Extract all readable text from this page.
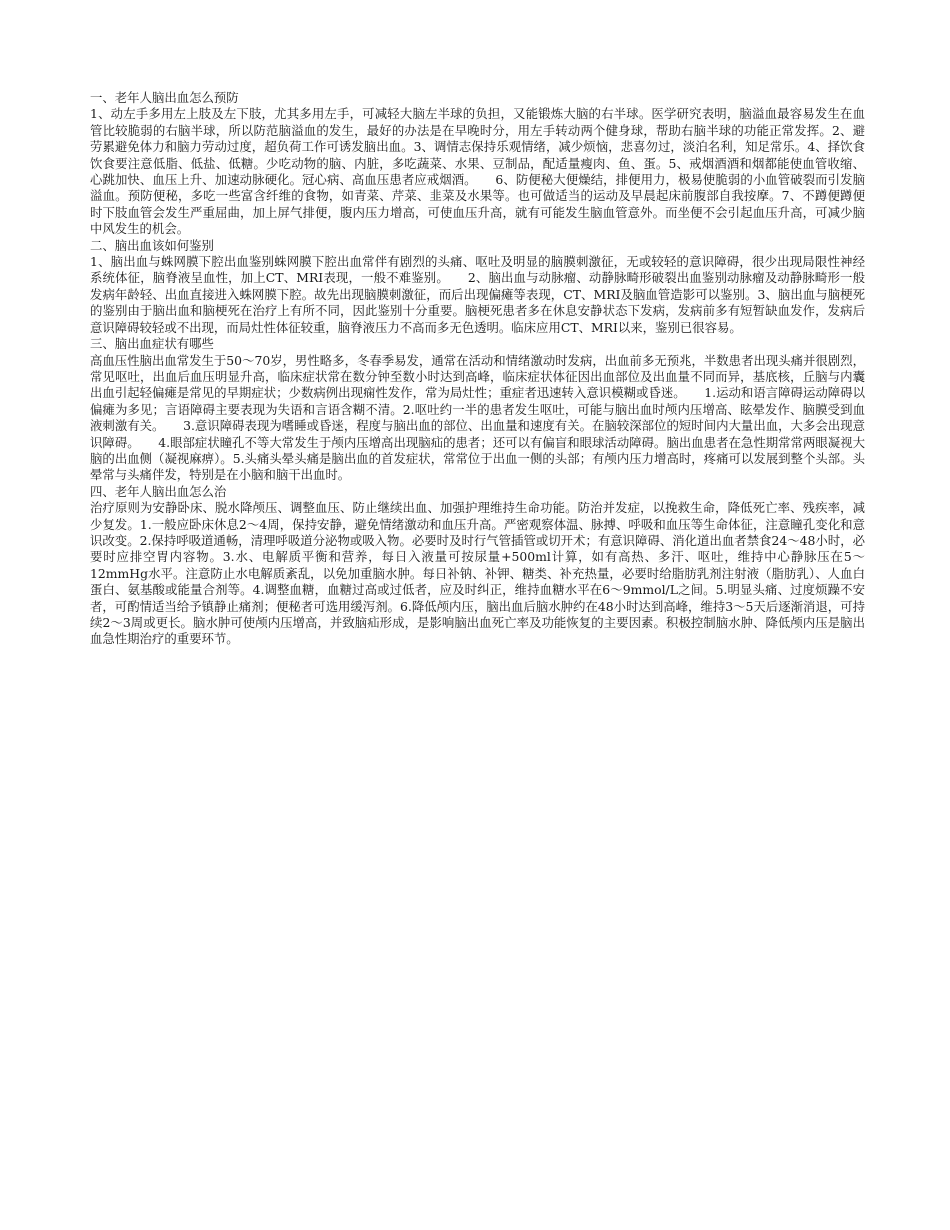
一、老年人脑出血怎么预防

1、动左手多用左上肢及左下肢，尤其多用左手，可减轻大脑左半球的负担，又能锻炼大脑的右半球。医学研究表明，脑溢血最容易发生在血管比较脆弱的右脑半球，所以防范脑溢血的发生，最好的办法是在早晚时分，用左手转动两个健身球，帮助右脑半球的功能正常发挥。2、避劳累避免体力和脑力劳动过度，超负荷工作可诱发脑出血。3、调情志保持乐观情绪，减少烦恼，悲喜勿过，淡泊名利，知足常乐。4、择饮食饮食要注意低脂、低盐、低糖。少吃动物的脑、内脏，多吃蔬菜、水果、豆制品，配适量瘦肉、鱼、蛋。5、戒烟酒酒和烟都能使血管收缩、心跳加快、血压上升、加速动脉硬化。冠心病、高血压患者应戒烟酒。　　6、防便秘大便燥结，排便用力，极易使脆弱的小血管破裂而引发脑溢血。预防便秘，多吃一些富含纤维的食物，如青菜、芹菜、韭菜及水果等。也可做适当的运动及早晨起床前腹部自我按摩。7、不蹲便蹲便时下肢血管会发生严重屈曲，加上屏气排便，腹内压力增高，可使血压升高，就有可能发生脑血管意外。而坐便不会引起血压升高，可减少脑中风发生的机会。

二、脑出血该如何鉴别

1、脑出血与蛛网膜下腔出血鉴别蛛网膜下腔出血常伴有剧烈的头痛、呕吐及明显的脑膜刺激征，无或较轻的意识障碍，很少出现局限性神经系统体征，脑脊液呈血性，加上CT、MRI表现，一般不难鉴别。　　2、脑出血与动脉瘤、动静脉畸形破裂出血鉴别动脉瘤及动静脉畸形一般发病年龄轻、出血直接进入蛛网膜下腔。故先出现脑膜刺激征，而后出现偏瘫等表现，CT、MRI及脑血管造影可以鉴别。3、脑出血与脑梗死的鉴别由于脑出血和脑梗死在治疗上有所不同，因此鉴别十分重要。脑梗死患者多在休息安静状态下发病，发病前多有短暂缺血发作，发病后意识障碍较轻或不出现，而局灶性体征较重，脑脊液压力不高而多无色透明。临床应用CT、MRI以来，鉴别已很容易。

三、脑出血症状有哪些

高血压性脑出血常发生于50～70岁，男性略多，冬春季易发，通常在活动和情绪激动时发病，出血前多无预兆，半数患者出现头痛并很剧烈，常见呕吐，出血后血压明显升高，临床症状常在数分钟至数小时达到高峰，临床症状体征因出血部位及出血量不同而异，基底核，丘脑与内囊出血引起轻偏瘫是常见的早期症状；少数病例出现痫性发作，常为局灶性；重症者迅速转入意识模糊或昏迷。　　1.运动和语言障碍运动障碍以偏瘫为多见；言语障碍主要表现为失语和言语含糊不清。2.呕吐约一半的患者发生呕吐，可能与脑出血时颅内压增高、眩晕发作、脑膜受到血液刺激有关。　　3.意识障碍表现为嗜睡或昏迷，程度与脑出血的部位、出血量和速度有关。在脑较深部位的短时间内大量出血，大多会出现意识障碍。　　4.眼部症状瞳孔不等大常发生于颅内压增高出现脑疝的患者；还可以有偏盲和眼球活动障碍。脑出血患者在急性期常常两眼凝视大脑的出血侧（凝视麻痹）。5.头痛头晕头痛是脑出血的首发症状，常常位于出血一侧的头部；有颅内压力增高时，疼痛可以发展到整个头部。头晕常与头痛伴发，特别是在小脑和脑干出血时。

四、老年人脑出血怎么治

治疗原则为安静卧床、脱水降颅压、调整血压、防止继续出血、加强护理维持生命功能。防治并发症，以挽救生命，降低死亡率、残疾率，减少复发。1.一般应卧床休息2～4周，保持安静，避免情绪激动和血压升高。严密观察体温、脉搏、呼吸和血压等生命体征，注意瞳孔变化和意识改变。2.保持呼吸道通畅，清理呼吸道分泌物或吸入物。必要时及时行气管插管或切开术；有意识障碍、消化道出血者禁食24～48小时，必要时应排空胃内容物。3.水、电解质平衡和营养，每日入液量可按尿量+500ml计算，如有高热、多汗、呕吐，维持中心静脉压在5～12mmHg水平。注意防止水电解质紊乱，以免加重脑水肿。每日补钠、补钾、糖类、补充热量，必要时给脂肪乳剂注射液（脂肪乳）、人血白蛋白、氨基酸或能量合剂等。4.调整血糖，血糖过高或过低者，应及时纠正，维持血糖水平在6～9mmol/L之间。5.明显头痛、过度烦躁不安者，可酌情适当给予镇静止痛剂；便秘者可选用缓泻剂。6.降低颅内压，脑出血后脑水肿约在48小时达到高峰，维持3～5天后逐渐消退，可持续2～3周或更长。脑水肿可使颅内压增高，并致脑疝形成，是影响脑出血死亡率及功能恢复的主要因素。积极控制脑水肿、降低颅内压是脑出血急性期治疗的重要环节。
